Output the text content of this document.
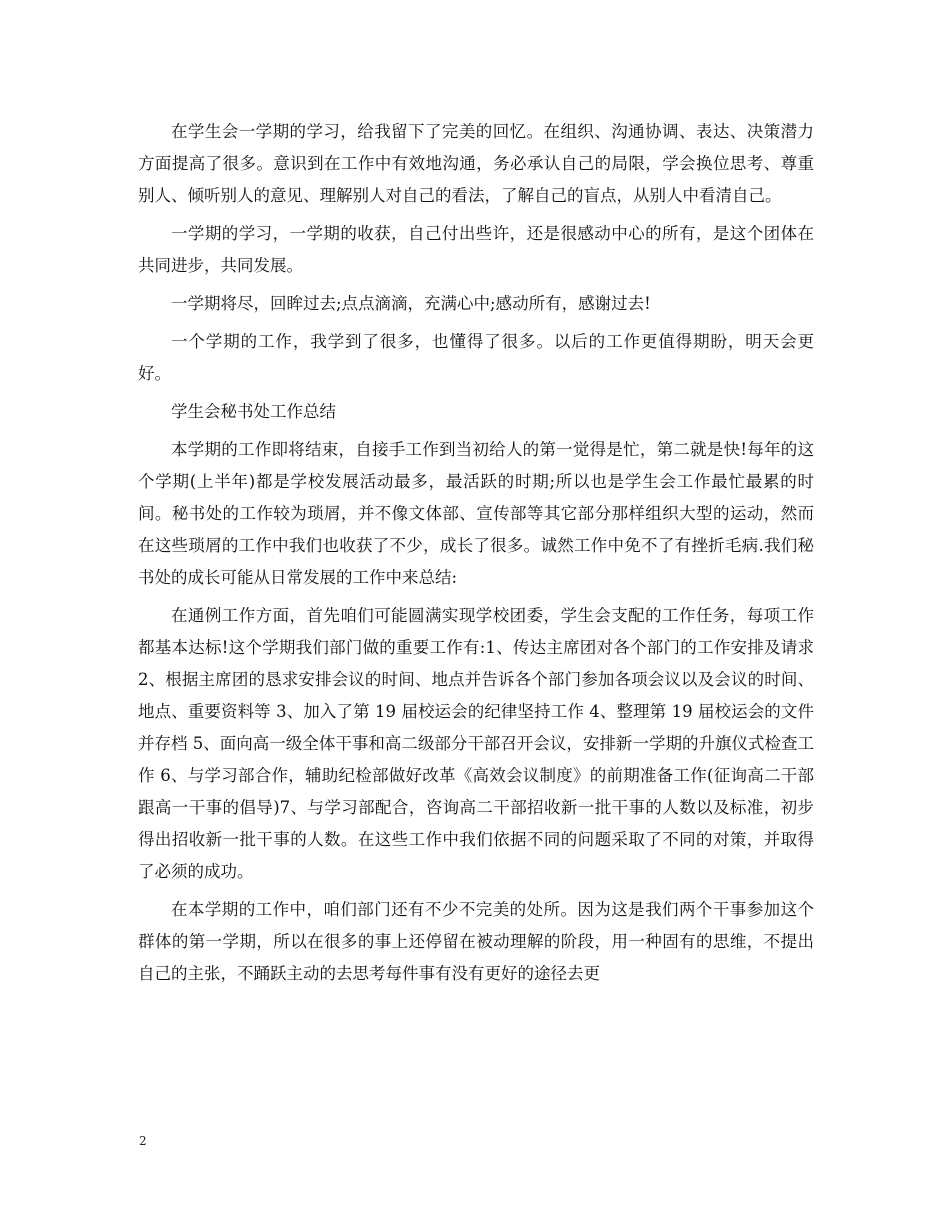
在学生会一学期的学习，给我留下了完美的回忆。在组织、沟通协调、表达、决策潜力方面提高了很多。意识到在工作中有效地沟通，务必承认自己的局限，学会换位思考、尊重别人、倾听别人的意见、理解别人对自己的看法，了解自己的盲点，从别人中看清自己。

一学期的学习，一学期的收获，自己付出些许，还是很感动中心的所有，是这个团体在共同进步，共同发展。

一学期将尽，回眸过去;点点滴滴，充满心中;感动所有，感谢过去!

一个学期的工作，我学到了很多，也懂得了很多。以后的工作更值得期盼，明天会更好。

学生会秘书处工作总结

本学期的工作即将结束，自接手工作到当初给人的第一觉得是忙，第二就是快!每年的这个学期(上半年)都是学校发展活动最多，最活跃的时期;所以也是学生会工作最忙最累的时间。秘书处的工作较为琐屑，并不像文体部、宣传部等其它部分那样组织大型的运动，然而在这些琐屑的工作中我们也收获了不少，成长了很多。诚然工作中免不了有挫折毛病.我们秘书处的成长可能从日常发展的工作中来总结:

在通例工作方面，首先咱们可能圆满实现学校团委，学生会支配的工作任务，每项工作都基本达标!这个学期我们部门做的重要工作有:1、传达主席团对各个部门的工作安排及请求 2、根据主席团的恳求安排会议的时间、地点并告诉各个部门参加各项会议以及会议的时间、地点、重要资料等 3、加入了第 19 届校运会的纪律坚持工作 4、整理第 19 届校运会的文件并存档 5、面向高一级全体干事和高二级部分干部召开会议，安排新一学期的升旗仪式检查工作 6、与学习部合作，辅助纪检部做好改革《高效会议制度》的前期准备工作(征询高二干部跟高一干事的倡导)7、与学习部配合，咨询高二干部招收新一批干事的人数以及标准，初步得出招收新一批干事的人数。在这些工作中我们依据不同的问题采取了不同的对策，并取得了必须的成功。

在本学期的工作中，咱们部门还有不少不完美的处所。因为这是我们两个干事参加这个群体的第一学期，所以在很多的事上还停留在被动理解的阶段，用一种固有的思维，不提出自己的主张，不踊跃主动的去思考每件事有没有更好的途径去更

2
